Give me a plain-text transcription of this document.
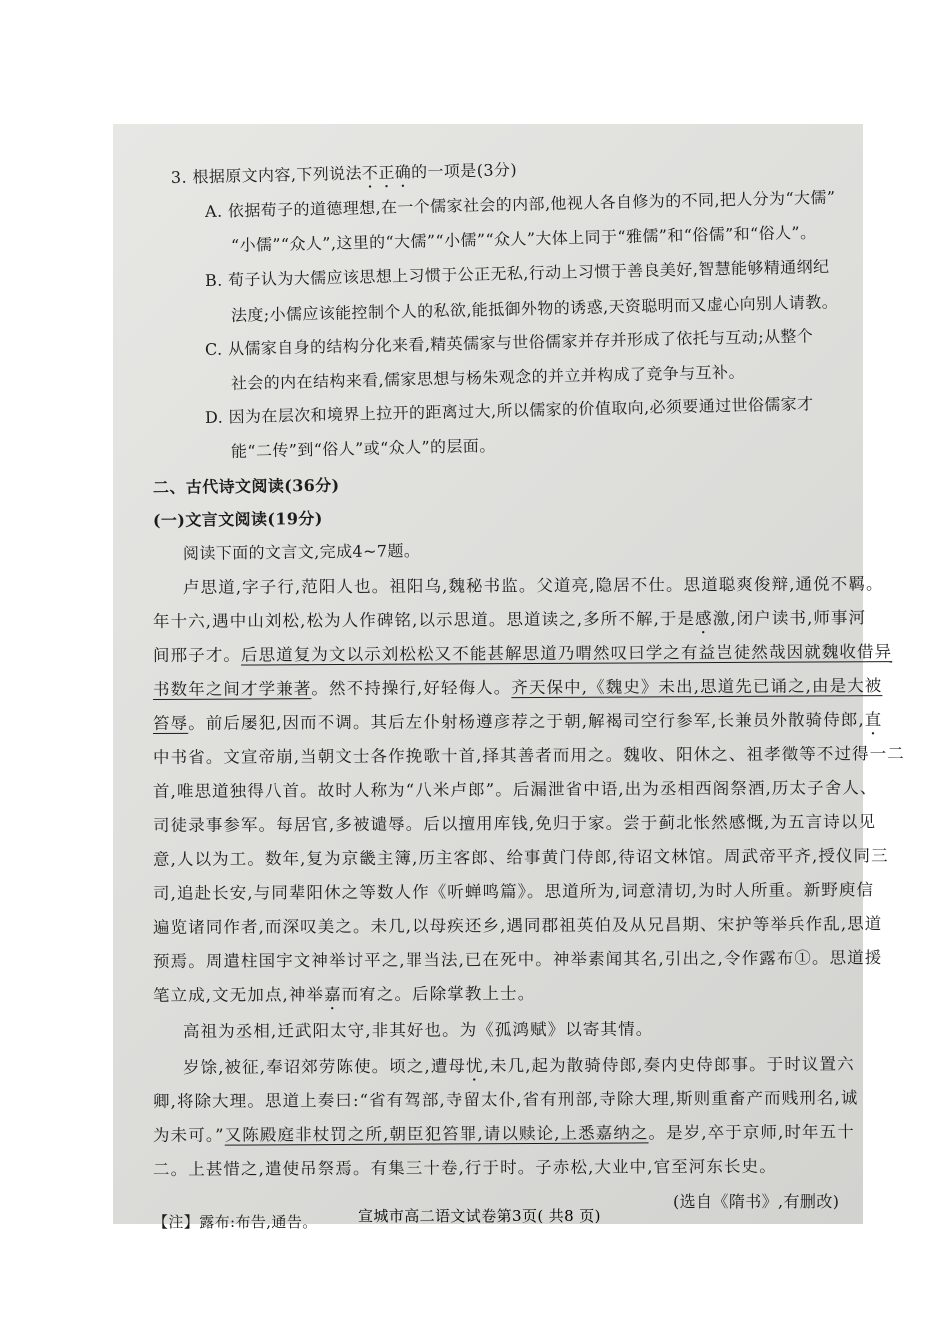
3. 根据原文内容,下列说法不正确的一项是(3分)
A. 依据荀子的道德理想,在一个儒家社会的内部,他视人各自修为的不同,把人分为“大儒”
“小儒”“众人”,这里的“大儒”“小儒”“众人”大体上同于“雅儒”和“俗儒”和“俗人”。
B. 荀子认为大儒应该思想上习惯于公正无私,行动上习惯于善良美好,智慧能够精通纲纪
法度;小儒应该能控制个人的私欲,能抵御外物的诱惑,天资聪明而又虚心向别人请教。
C. 从儒家自身的结构分化来看,精英儒家与世俗儒家并存并形成了依托与互动;从整个
社会的内在结构来看,儒家思想与杨朱观念的并立并构成了竞争与互补。
D. 因为在层次和境界上拉开的距离过大,所以儒家的价值取向,必须要通过世俗儒家才
能“二传”到“俗人”或“众人”的层面。
二、古代诗文阅读(36分)
(一)文言文阅读(19分)
阅读下面的文言文,完成4~7题。
卢思道,字子行,范阳人也。祖阳乌,魏秘书监。父道亮,隐居不仕。思道聪爽俊辩,通侻不羁。
年十六,遇中山刘松,松为人作碑铭,以示思道。思道读之,多所不解,于是感激,闭户读书,师事河
间邢子才。后思道复为文以示刘松松又不能甚解思道乃喟然叹曰学之有益岂徒然哉因就魏收借异
书数年之间才学兼著。然不持操行,好轻侮人。齐天保中,《魏史》未出,思道先已诵之,由是大被
笞辱。前后屡犯,因而不调。其后左仆射杨遵彦荐之于朝,解褐司空行参军,长兼员外散骑侍郎,直
中书省。文宣帝崩,当朝文士各作挽歌十首,择其善者而用之。魏收、阳休之、祖孝徵等不过得一二
首,唯思道独得八首。故时人称为“八米卢郎”。后漏泄省中语,出为丞相西阁祭酒,历太子舍人、
司徒录事参军。每居官,多被谴辱。后以擅用库钱,免归于家。尝于蓟北怅然感慨,为五言诗以见
意,人以为工。数年,复为京畿主簿,历主客郎、给事黄门侍郎,待诏文林馆。周武帝平齐,授仪同三
司,追赴长安,与同辈阳休之等数人作《听蝉鸣篇》。思道所为,词意清切,为时人所重。新野庾信
遍览诸同作者,而深叹美之。未几,以母疾还乡,遇同郡祖英伯及从兄昌期、宋护等举兵作乱,思道
预焉。周遣柱国宇文神举讨平之,罪当法,已在死中。神举素闻其名,引出之,令作露布①。思道援
笔立成,文无加点,神举嘉而宥之。后除掌教上士。
高祖为丞相,迁武阳太守,非其好也。为《孤鸿赋》以寄其情。
岁馀,被征,奉诏郊劳陈使。顷之,遭母忧,未几,起为散骑侍郎,奏内史侍郎事。于时议置六
卿,将除大理。思道上奏曰:“省有驾部,寺留太仆,省有刑部,寺除大理,斯则重畜产而贱刑名,诚
为未可。”又陈殿庭非杖罚之所,朝臣犯笞罪,请以赎论,上悉嘉纳之。是岁,卒于京师,时年五十
二。上甚惜之,遣使吊祭焉。有集三十卷,行于时。子赤松,大业中,官至河东长史。
(选自《隋书》,有删改)
【注】露布:布告,通告。	宣城市高二语文试卷第3页( 共8 页)
